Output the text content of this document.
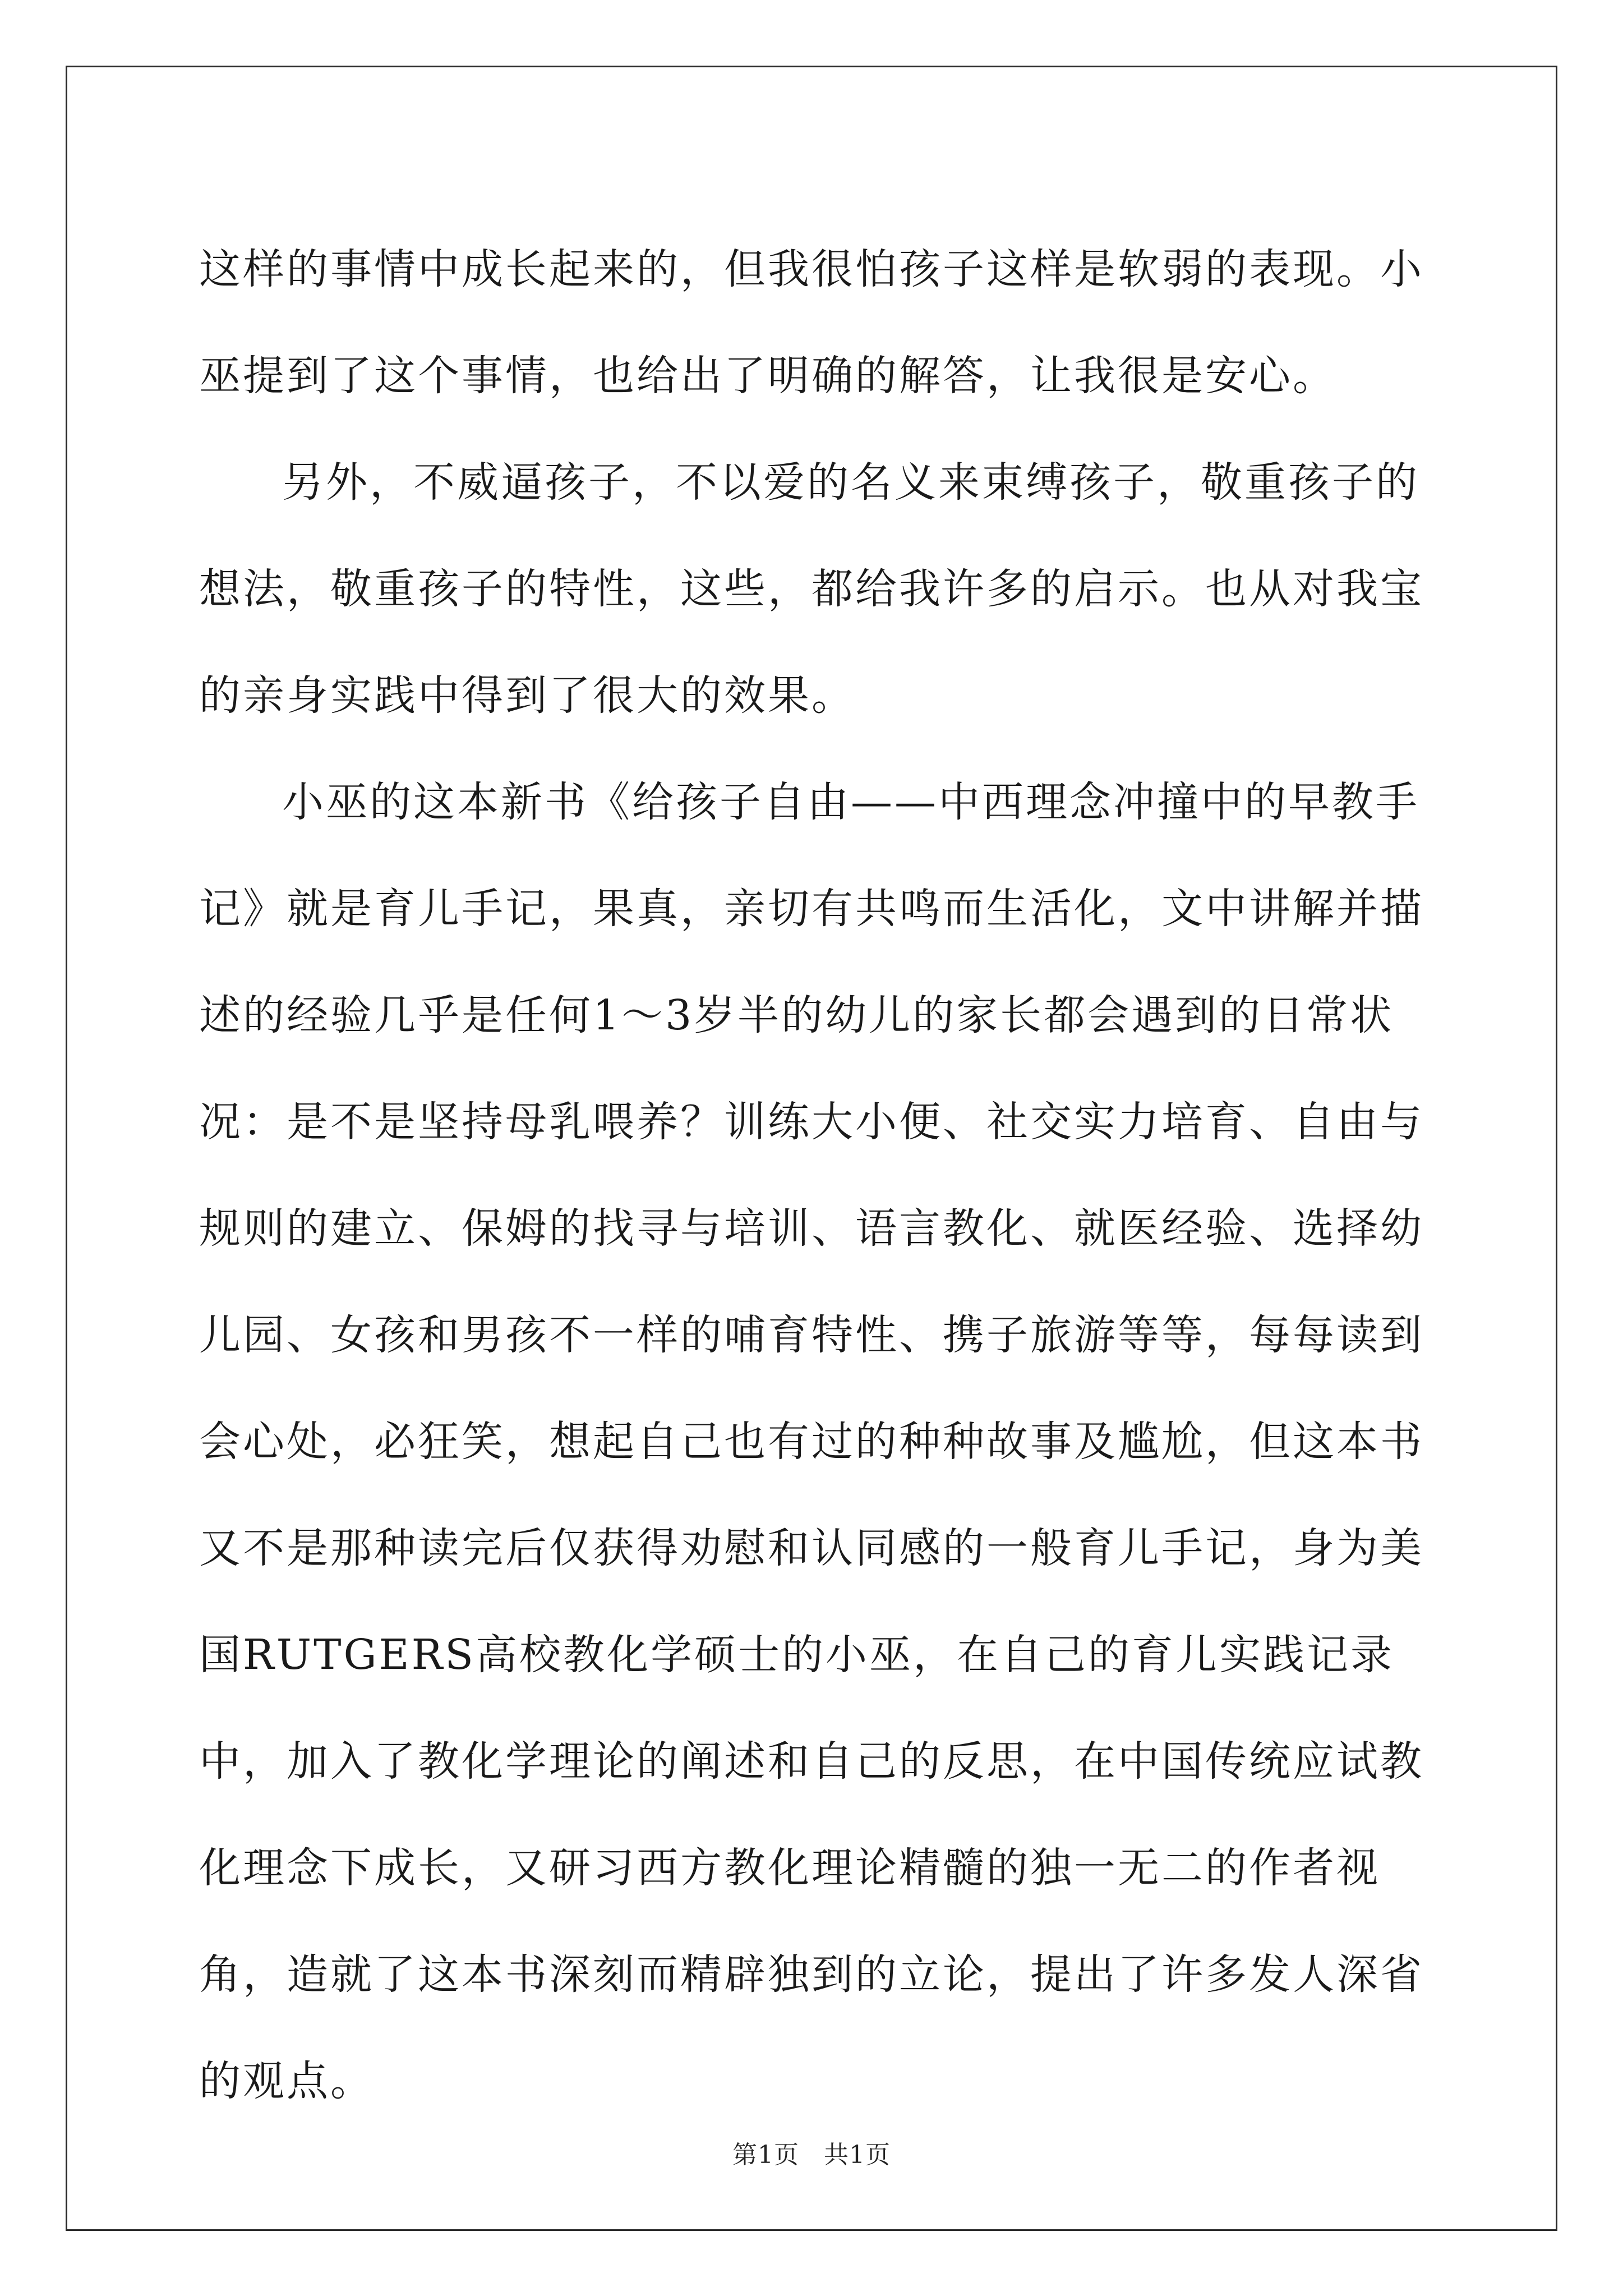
这样的事情中成长起来的，但我很怕孩子这样是软弱的表现。小巫提到了这个事情，也给出了明确的解答，让我很是安心。

另外，不威逼孩子，不以爱的名义来束缚孩子，敬重孩子的想法，敬重孩子的特性，这些，都给我许多的启示。也从对我宝的亲身实践中得到了很大的效果。

小巫的这本新书《给孩子自由——中西理念冲撞中的早教手记》就是育儿手记，果真，亲切有共鸣而生活化，文中讲解并描述的经验几乎是任何1～3岁半的幼儿的家长都会遇到的日常状况：是不是坚持母乳喂养？训练大小便、社交实力培育、自由与规则的建立、保姆的找寻与培训、语言教化、就医经验、选择幼儿园、女孩和男孩不一样的哺育特性、携子旅游等等，每每读到会心处，必狂笑，想起自己也有过的种种故事及尴尬，但这本书又不是那种读完后仅获得劝慰和认同感的一般育儿手记，身为美国RUTGERS高校教化学硕士的小巫，在自己的育儿实践记录中，加入了教化学理论的阐述和自己的反思，在中国传统应试教化理念下成长，又研习西方教化理论精髓的独一无二的作者视角，造就了这本书深刻而精辟独到的立论，提出了许多发人深省的观点。

第1页 共1页
